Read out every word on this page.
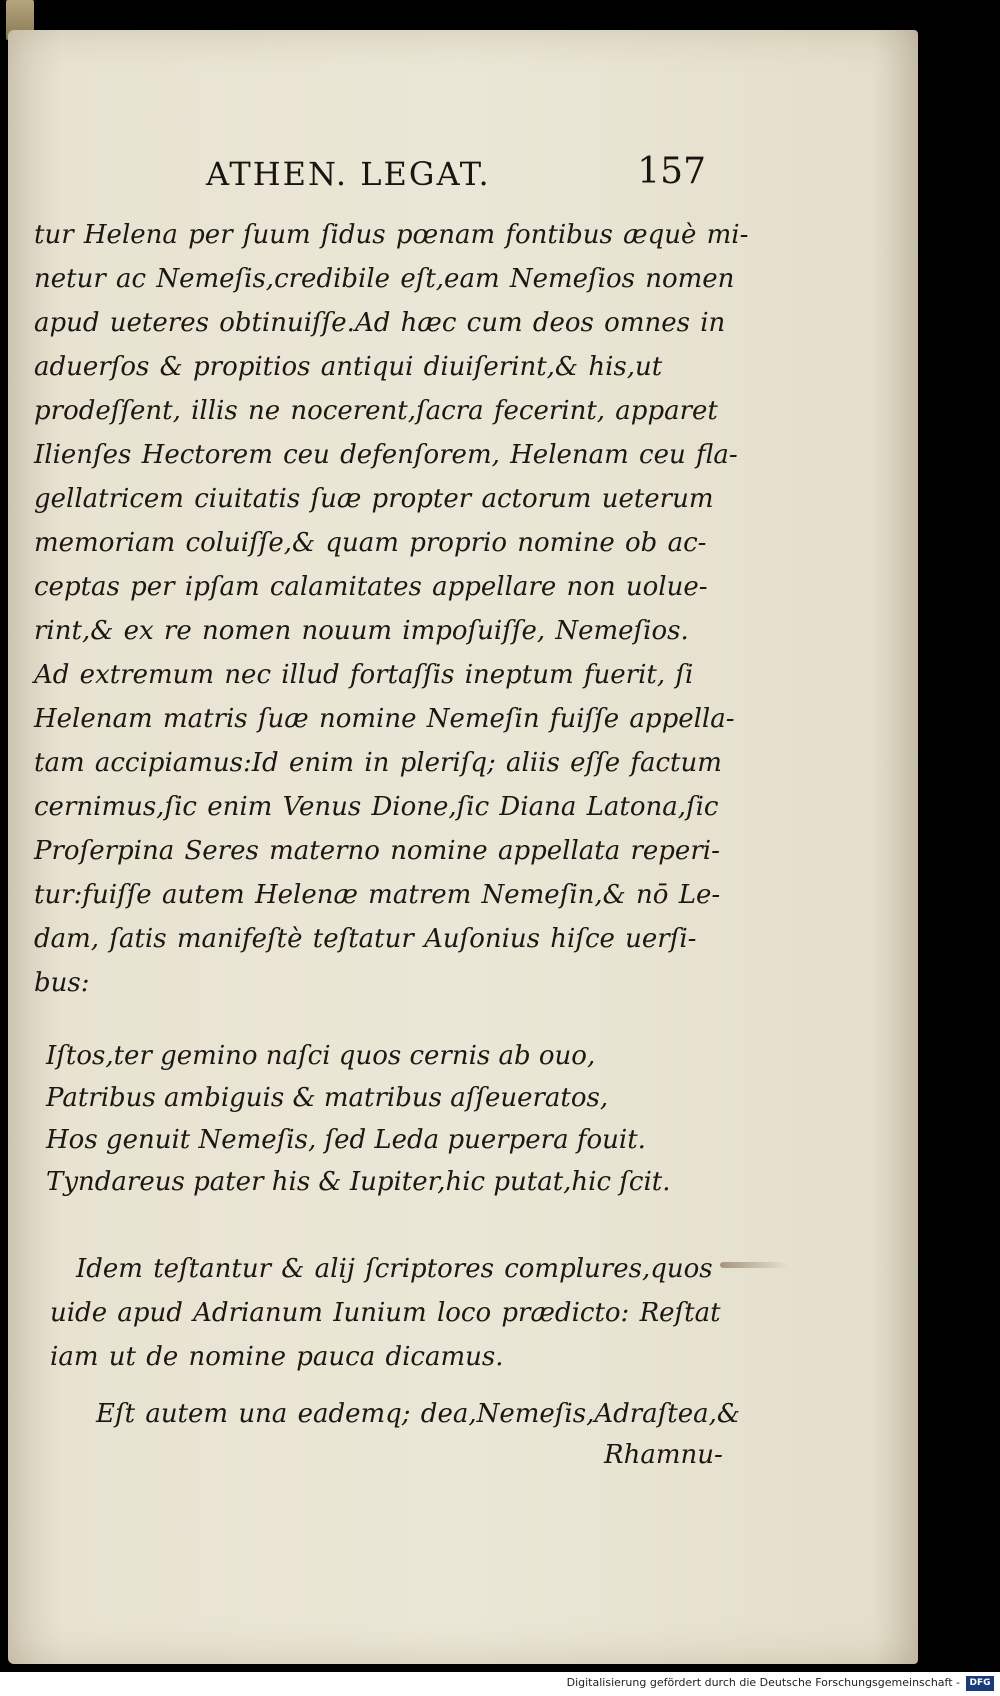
ATHEN. LEGAT.	157

tur Helena per ſuum ſidus pœnam fontibus æquè mi-
netur ac Nemeſis,credibile eſt,eam Nemeſios nomen
apud ueteres obtinuiſſe.Ad hæc cum deos omnes in
aduerſos & propitios antiqui diuiſerint,& his,ut
prodeſſent, illis ne nocerent,ſacra fecerint, apparet
Ilienſes Hectorem ceu defenſorem, Helenam ceu fla-
gellatricem ciuitatis ſuæ propter actorum ueterum
memoriam coluiſſe,& quam proprio nomine ob ac-
ceptas per ipſam calamitates appellare non uolue-
rint,& ex re nomen nouum impoſuiſſe, Nemeſios.
Ad extremum nec illud fortaſſis ineptum fuerit, ſi
Helenam matris ſuæ nomine Nemeſin fuiſſe appella-
tam accipiamus:Id enim in pleriſq; aliis eſſe factum
cernimus,ſic enim Venus Dione,ſic Diana Latona,ſic
Proſerpina Seres materno nomine appellata reperi-
tur:fuiſſe autem Helenæ matrem Nemeſin,& nō Le-
dam, ſatis manifeſtè teſtatur Auſonius hiſce uerſi-
bus:
Iſtos,ter gemino naſci quos cernis ab ouo,
Patribus ambiguis & matribus aſſeueratos,
Hos genuit Nemeſis, ſed Leda puerpera fouit.
Tyndareus pater his & Iupiter,hic putat,hic ſcit.
Idem teſtantur & alij ſcriptores complures,quos
uide apud Adrianum Iunium loco prædicto: Reſtat
iam ut de nomine pauca dicamus.
Eſt autem una eademq; dea,Nemeſis,Adraſtea,&

Rhamnu-

Digitalisierung gefördert durch die Deutsche Forschungsgemeinschaft -	DFG
